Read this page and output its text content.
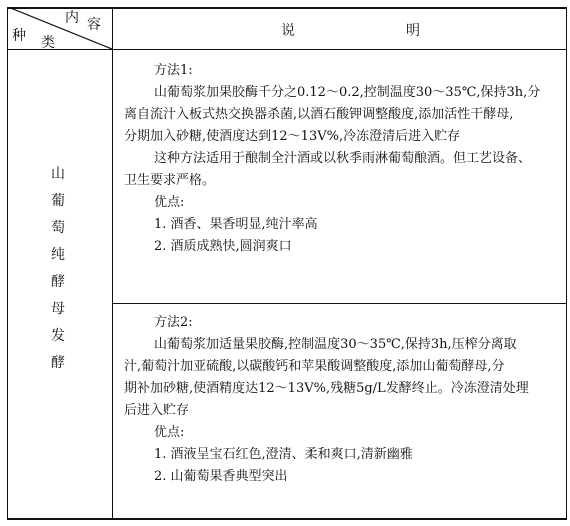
内 容
种 类
说	明
山
葡
萄
纯
酵
母
发
酵

方法1:

山葡萄浆加果胶酶千分之0.12～0.2,控制温度30～35℃,保持3h,分

离自流汁入板式热交换器杀菌,以酒石酸钾调整酸度,添加活性干酵母,

分期加入砂糖,使酒度达到12～13V%,冷冻澄清后进入贮存

这种方法适用于酿制全汁酒或以秋季雨淋葡萄酿酒。但工艺设备、

卫生要求严格。

优点:

1. 酒香、果香明显,纯汁率高

2. 酒质成熟快,圆润爽口

方法2:

山葡萄浆加适量果胶酶,控制温度30～35℃,保持3h,压榨分离取

汁,葡萄汁加亚硫酸,以碳酸钙和苹果酸调整酸度,添加山葡萄酵母,分

期补加砂糖,使酒精度达12～13V%,残糖5g/L发酵终止。冷冻澄清处理

后进入贮存

优点:

1. 酒液呈宝石红色,澄清、柔和爽口,清新幽雅

2. 山葡萄果香典型突出
